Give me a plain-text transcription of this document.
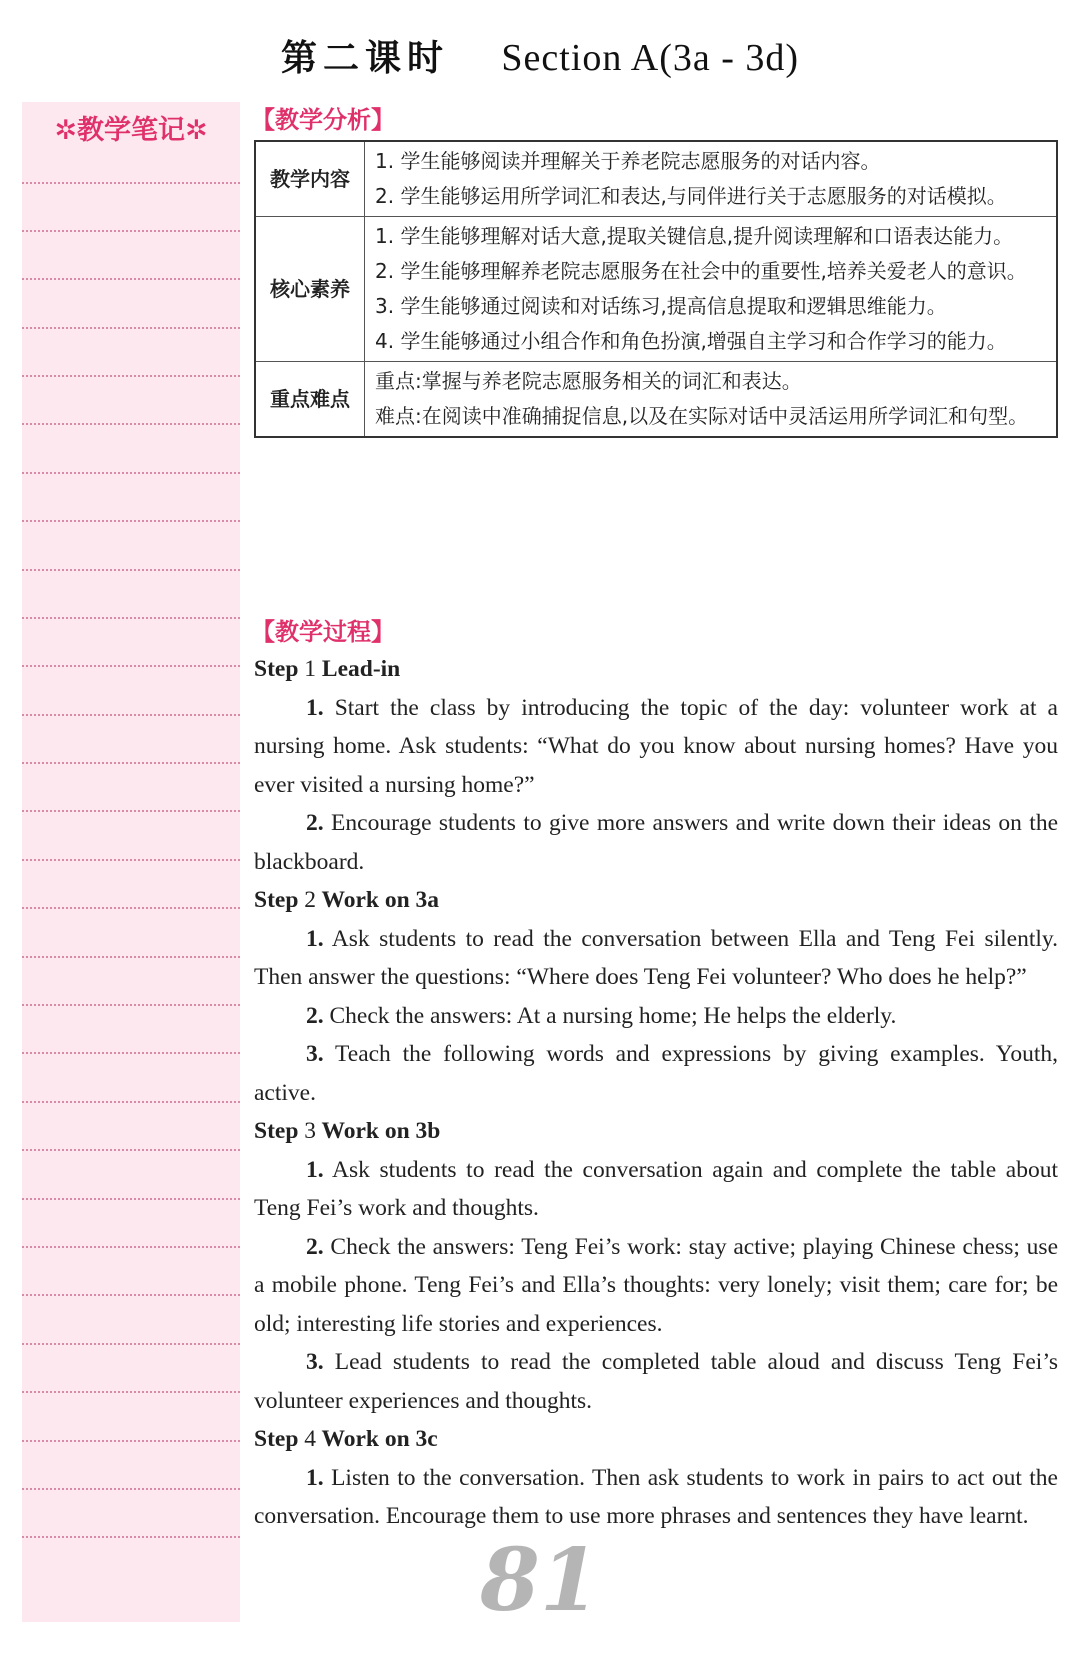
第二课时 Section A(3a - 3d)
✲教学笔记✲	【教学分析】
教学内容	1. 学生能够阅读并理解关于养老院志愿服务的对话内容。
2. 学生能够运用所学词汇和表达,与同伴进行关于志愿服务的对话模拟。

核心素养	1. 学生能够理解对话大意,提取关键信息,提升阅读理解和口语表达能力。
2. 学生能够理解养老院志愿服务在社会中的重要性,培养关爱老人的意识。
3. 学生能够通过阅读和对话练习,提高信息提取和逻辑思维能力。
4. 学生能够通过小组合作和角色扮演,增强自主学习和合作学习的能力。

重点难点	重点:掌握与养老院志愿服务相关的词汇和表达。
难点:在阅读中准确捕捉信息,以及在实际对话中灵活运用所学词汇和句型。
【教学过程】

Step 1 Lead-in

1. Start the class by introducing the topic of the day: volunteer work at a nursing home. Ask students: “What do you know about nursing homes? Have you ever visited a nursing home?”

2. Encourage students to give more answers and write down their ideas on the blackboard.

Step 2 Work on 3a

1. Ask students to read the conversation between Ella and Teng Fei silently. Then answer the questions: “Where does Teng Fei volunteer? Who does he help?”

2. Check the answers: At a nursing home; He helps the elderly.

3. Teach the following words and expressions by giving examples. Youth, active.

Step 3 Work on 3b

1. Ask students to read the conversation again and complete the table about Teng Fei’s work and thoughts.

2. Check the answers: Teng Fei’s work: stay active; playing Chinese chess; use a mobile phone. Teng Fei’s and Ella’s thoughts: very lonely; visit them; care for; be old; interesting life stories and experiences.

3. Lead students to read the completed table aloud and discuss Teng Fei’s volunteer experiences and thoughts.

Step 4 Work on 3c

1. Listen to the conversation. Then ask students to work in pairs to act out the conversation. Encourage them to use more phrases and sentences they have learnt.

81
